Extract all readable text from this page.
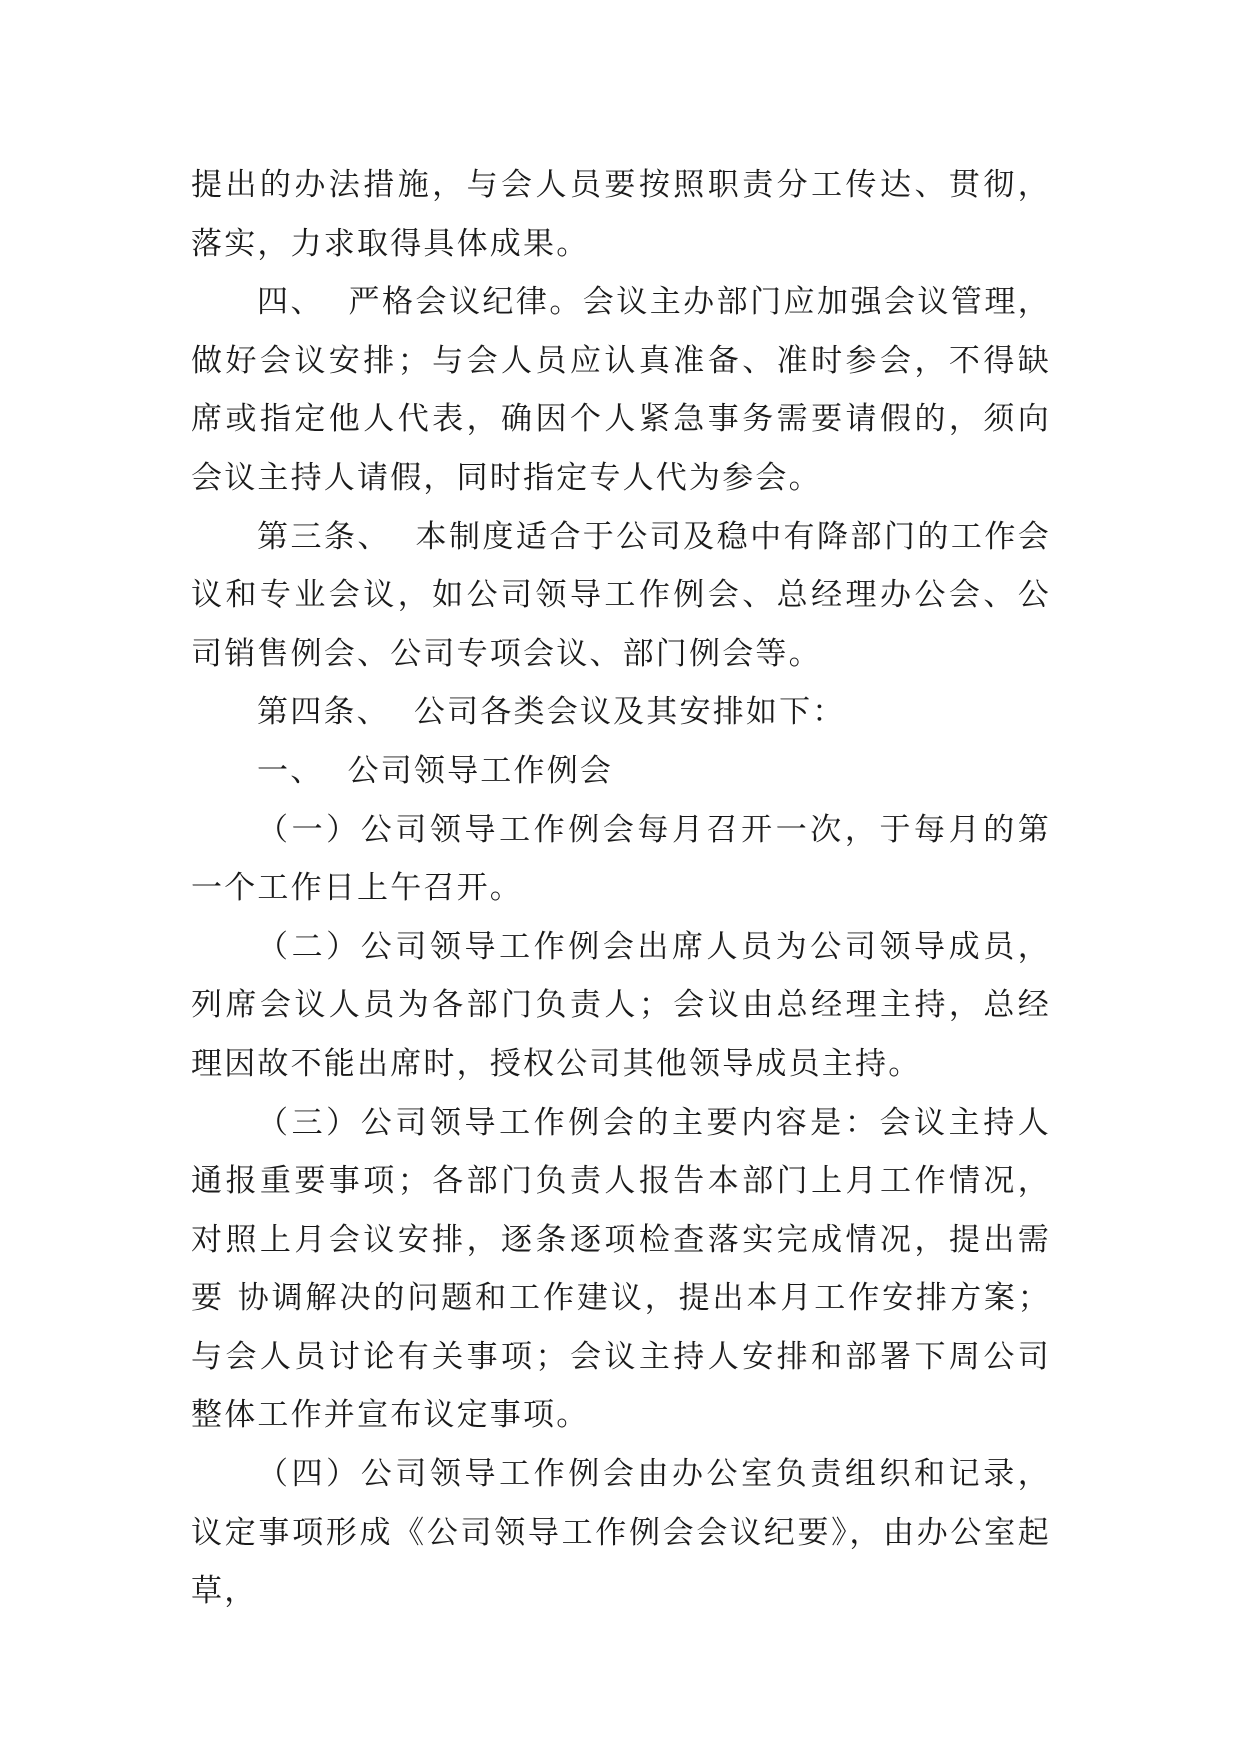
提出的办法措施，与会人员要按照职责分工传达、贯彻，落实，力求取得具体成果。

四、  严格会议纪律。会议主办部门应加强会议管理，做好会议安排；与会人员应认真准备、准时参会，不得缺席或指定他人代表，确因个人紧急事务需要请假的，须向会议主持人请假，同时指定专人代为参会。

第三条、  本制度适合于公司及稳中有降部门的工作会议和专业会议，如公司领导工作例会、总经理办公会、公司销售例会、公司专项会议、部门例会等。

第四条、  公司各类会议及其安排如下：

一、  公司领导工作例会

（一）公司领导工作例会每月召开一次，于每月的第一个工作日上午召开。

（二）公司领导工作例会出席人员为公司领导成员，列席会议人员为各部门负责人；会议由总经理主持，总经理因故不能出席时，授权公司其他领导成员主持。

（三）公司领导工作例会的主要内容是：会议主持人通报重要事项；各部门负责人报告本部门上月工作情况，对照上月会议安排，逐条逐项检查落实完成情况，提出需要 协调解决的问题和工作建议，提出本月工作安排方案；与会人员讨论有关事项；会议主持人安排和部署下周公司整体工作并宣布议定事项。

（四）公司领导工作例会由办公室负责组织和记录，议定事项形成《公司领导工作例会会议纪要》，由办公室起草，
